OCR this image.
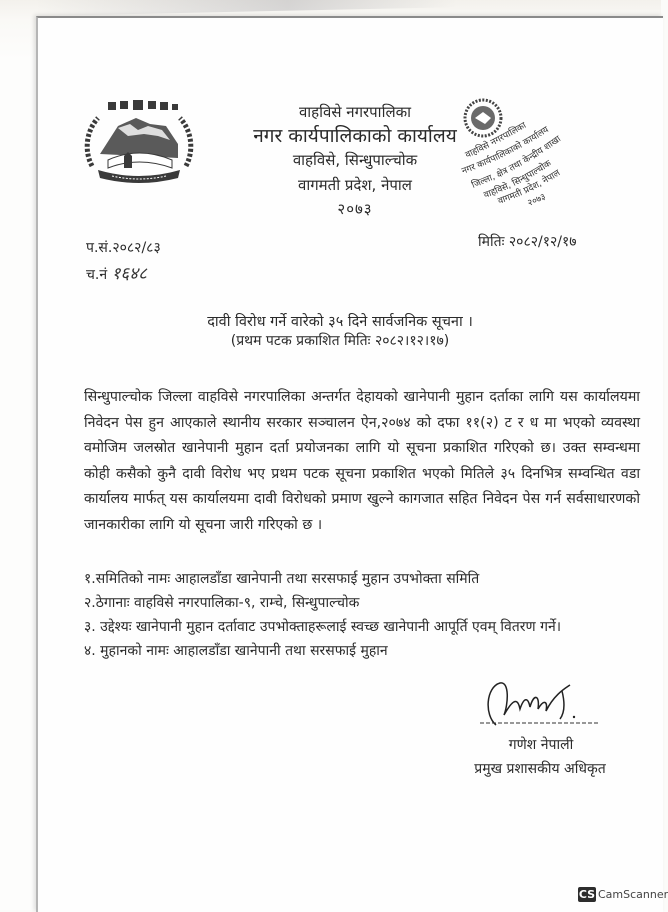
वाहविसे नगरपालिका
नगर कार्यपालिकाको कार्यालय
वाहविसे, सिन्धुपाल्चोक
वागमती प्रदेश, नेपाल
२०७३
वाहविसे नगरपालिका
नगर कार्यपालिकाको कार्यालय
जिल्ला, क्षेत्र तथा केन्द्रीय शाखा
वाहविसे, सिन्धुपाल्चोक
वागमती प्रदेश, नेपाल
२०७३
प.सं.२०८२/८३
च.नं १६४८
मितिः २०८२/१२/१७
दावी विरोध गर्ने वारेको ३५ दिने सार्वजनिक सूचना ।
(प्रथम पटक प्रकाशित मितिः २०८२।१२।१७)
सिन्धुपाल्चोक जिल्ला वाहविसे नगरपालिका अन्तर्गत देहायको खानेपानी मुहान दर्ताका लागि यस कार्यालयमा निवेदन पेस हुन आएकाले स्थानीय सरकार सञ्चालन ऐन,२०७४ को दफा ११(२) ट र ध मा भएको व्यवस्था वमोजिम जलस्रोत खानेपानी मुहान दर्ता प्रयोजनका लागि यो सूचना प्रकाशित गरिएको छ। उक्त सम्वन्धमा कोही कसैको कुनै दावी विरोध भए प्रथम पटक सूचना प्रकाशित भएको मितिले ३५ दिनभित्र सम्वन्धित वडा कार्यालय मार्फत् यस कार्यालयमा दावी विरोधको प्रमाण खुल्ने कागजात सहित निवेदन पेस गर्न सर्वसाधारणको जानकारीका लागि यो सूचना जारी गरिएको छ ।
१.समितिको नामः आहालडाँडा खानेपानी तथा सरसफाई मुहान उपभोक्ता समिति
२.ठेगानाः वाहविसे नगरपालिका-९, राम्चे, सिन्धुपाल्चोक
३. उद्देश्यः खानेपानी मुहान दर्तावाट उपभोक्ताहरूलाई स्वच्छ खानेपानी आपूर्ति एवम् वितरण गर्ने।
४. मुहानको नामः आहालडाँडा खानेपानी तथा सरसफाई मुहान
गणेश नेपाली
प्रमुख प्रशासकीय अधिकृत
CS CamScanner
